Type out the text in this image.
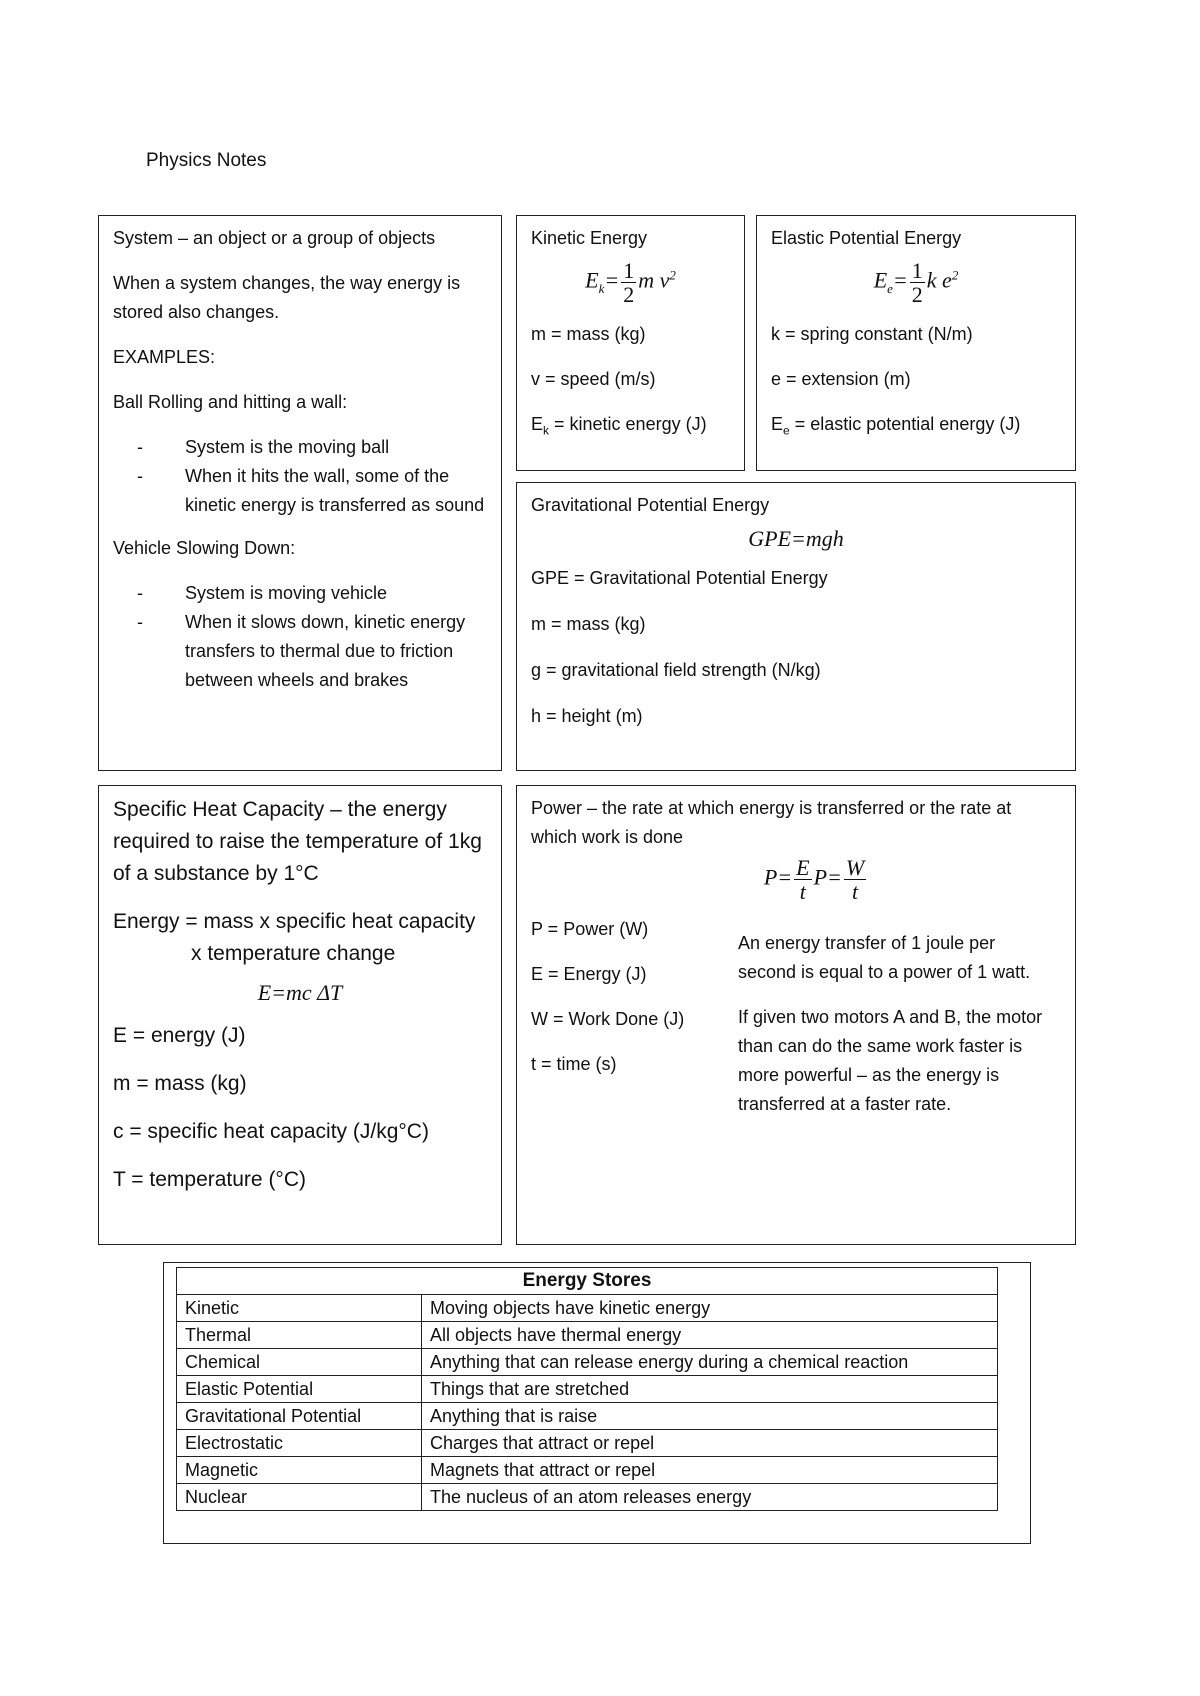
Physics Notes

System – an object or a group of objects

When a system changes, the way energy is stored also changes.

EXAMPLES:

Ball Rolling and hitting a wall:

- System is the moving ball
- When it hits the wall, some of the kinetic energy is transferred as sound

Vehicle Slowing Down:

- System is moving vehicle
- When it slows down, kinetic energy transfers to thermal due to friction between wheels and brakes

Kinetic Energy

$E_k= \frac{1}{2}$ m $v^2$

m = mass (kg)

v = speed (m/s)

$E_k$ = kinetic energy (J)

Elastic Potential Energy

$E_e= \frac{1}{2}$ k $e^2$

k = spring constant (N/m)

e = extension (m)

$E_e$ = elastic potential energy (J)

Gravitational Potential Energy

GPE=mgh

GPE = Gravitational Potential Energy

m = mass (kg)

g = gravitational field strength (N/kg)

h = height (m)

Specific Heat Capacity – the energy required to raise the temperature of 1kg of a substance by 1°C

Energy = mass x specific heat capacity

x temperature change

E=mc ΔT

E = energy (J)

m = mass (kg)

c = specific heat capacity (J/kg°C)

T = temperature (°C)

Power – the rate at which energy is transferred or the rate at which work is done

$P= \frac{E}{t} P= \frac{W}{t}$

P = Power (W)

E = Energy (J)

W = Work Done (J)

t = time (s)

An energy transfer of 1 joule per second is equal to a power of 1 watt.

If given two motors A and B, the motor than can do the same work faster is more powerful – as the energy is transferred at a faster rate.

Energy Stores	
Kinetic	Moving objects have kinetic energy
Thermal	All objects have thermal energy
Chemical	Anything that can release energy during a chemical reaction
Elastic Potential	Things that are stretched
Gravitational Potential	Anything that is raise
Electrostatic	Charges that attract or repel
Magnetic	Magnets that attract or repel
Nuclear	The nucleus of an atom releases energy
